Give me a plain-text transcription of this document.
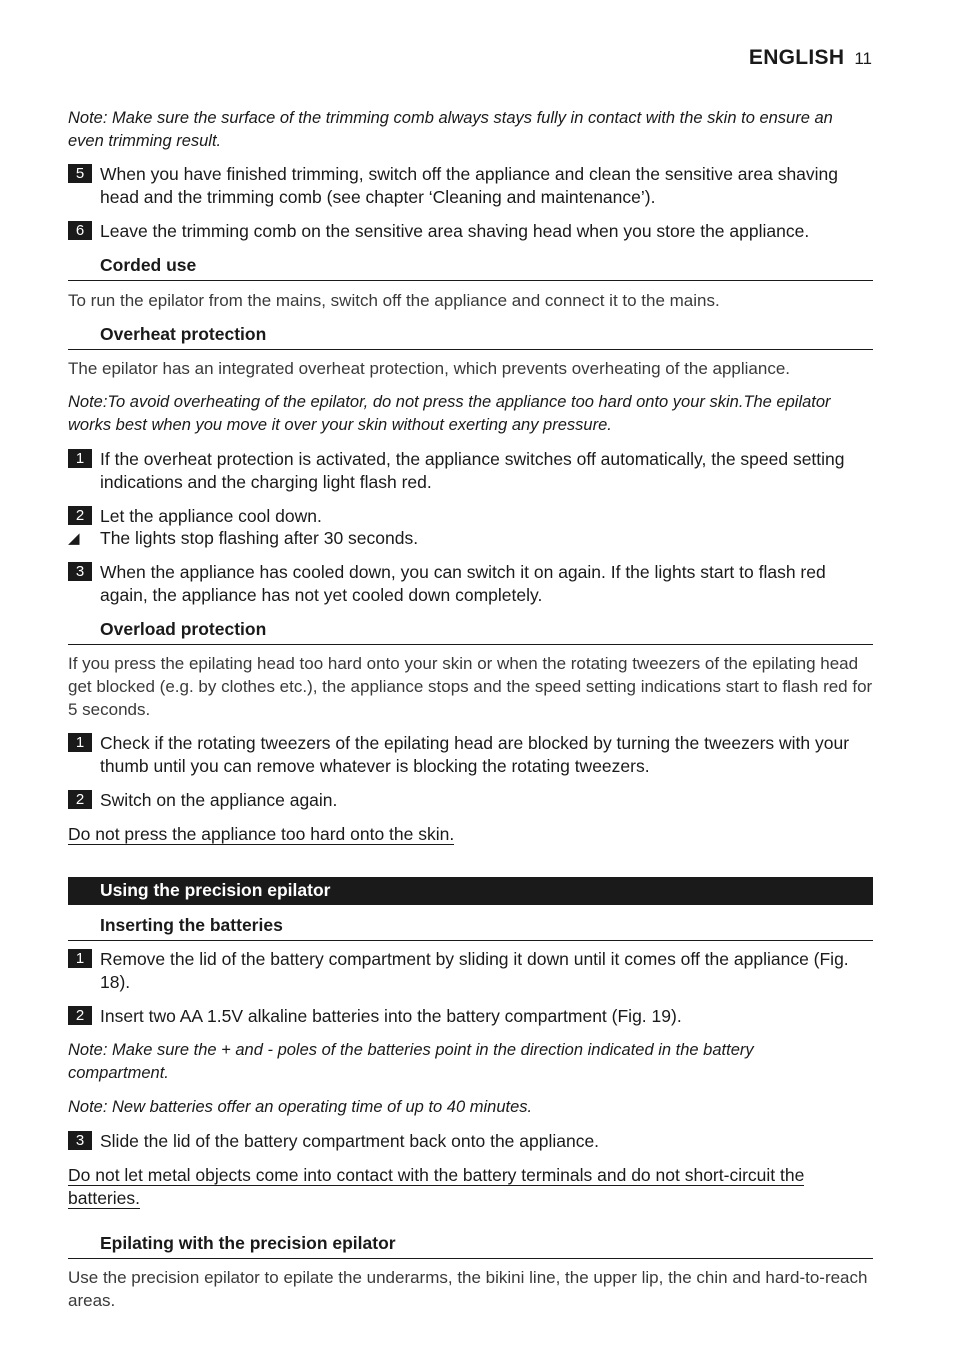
ENGLISH 11
Note: Make sure the surface of the trimming comb always stays fully in contact with the skin to ensure an even trimming result.
5 When you have finished trimming, switch off the appliance and clean the sensitive area shaving head and the trimming comb (see chapter ‘Cleaning and maintenance’).
6 Leave the trimming comb on the sensitive area shaving head when you store the appliance.
Corded use
To run the epilator from the mains, switch off the appliance and connect it to the mains.
Overheat protection
The epilator has an integrated overheat protection, which prevents overheating of the appliance.
Note:To avoid overheating of the epilator, do not press the appliance too hard onto your skin.The epilator works best when you move it over your skin without exerting any pressure.
1 If the overheat protection is activated, the appliance switches off automatically, the speed setting indications and the charging light flash red.
2 Let the appliance cool down.
◢ The lights stop flashing after 30 seconds.
3 When the appliance has cooled down, you can switch it on again. If the lights start to flash red again, the appliance has not yet cooled down completely.
Overload protection
If you press the epilating head too hard onto your skin or when the rotating tweezers of the epilating head get blocked (e.g. by clothes etc.), the appliance stops and the speed setting indications start to flash red for 5 seconds.
1 Check if the rotating tweezers of the epilating head are blocked by turning the tweezers with your thumb until you can remove whatever is blocking the rotating tweezers.
2 Switch on the appliance again.
Do not press the appliance too hard onto the skin.
Using the precision epilator
Inserting the batteries
1 Remove the lid of the battery compartment by sliding it down until it comes off the appliance (Fig. 18).
2 Insert two AA 1.5V alkaline batteries into the battery compartment (Fig. 19).
Note: Make sure the + and - poles of the batteries point in the direction indicated in the battery compartment.
Note: New batteries offer an operating time of up to 40 minutes.
3 Slide the lid of the battery compartment back onto the appliance.
Do not let metal objects come into contact with the battery terminals and do not short-circuit the batteries.
Epilating with the precision epilator
Use the precision epilator to epilate the underarms, the bikini line, the upper lip, the chin and hard-to-reach areas.
